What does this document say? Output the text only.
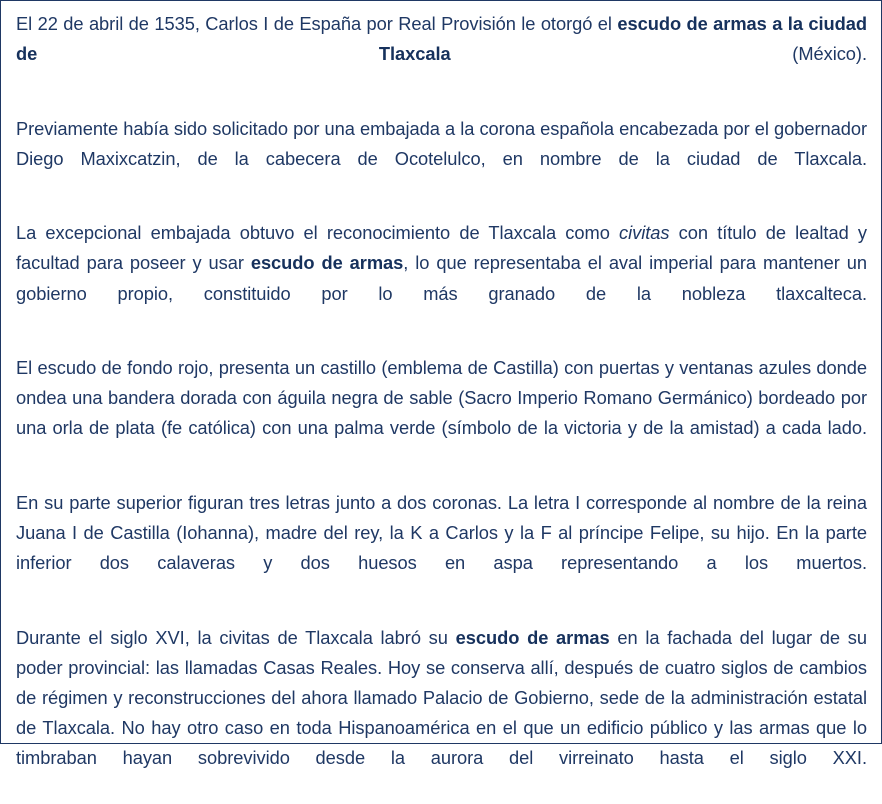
El 22 de abril de 1535, Carlos I de España por Real Provisión le otorgó el escudo de armas a la ciudad de Tlaxcala (México).

Previamente había sido solicitado por una embajada a la corona española encabezada por el gobernador Diego Maxixcatzin, de la cabecera de Ocotelulco, en nombre de la ciudad de Tlaxcala.

La excepcional embajada obtuvo el reconocimiento de Tlaxcala como civitas con título de lealtad y facultad para poseer y usar escudo de armas, lo que representaba el aval imperial para mantener un gobierno propio, constituido por lo más granado de la nobleza tlaxcalteca.

El escudo de fondo rojo, presenta un castillo (emblema de Castilla) con puertas y ventanas azules donde ondea una bandera dorada con águila negra de sable (Sacro Imperio Romano Germánico) bordeado por una orla de plata (fe católica) con una palma verde (símbolo de la victoria y de la amistad) a cada lado.

En su parte superior figuran tres letras junto a dos coronas. La letra I corresponde al nombre de la reina Juana I de Castilla (Iohanna), madre del rey, la K a Carlos y la F al príncipe Felipe, su hijo. En la parte inferior dos calaveras y dos huesos en aspa representando a los muertos.

Durante el siglo XVI, la civitas de Tlaxcala labró su escudo de armas en la fachada del lugar de su poder provincial: las llamadas Casas Reales. Hoy se conserva allí, después de cuatro siglos de cambios de régimen y reconstrucciones del ahora llamado Palacio de Gobierno, sede de la administración estatal de Tlaxcala. No hay otro caso en toda Hispanoamérica en el que un edificio público y las armas que lo timbraban hayan sobrevivido desde la aurora del virreinato hasta el siglo XXI.
